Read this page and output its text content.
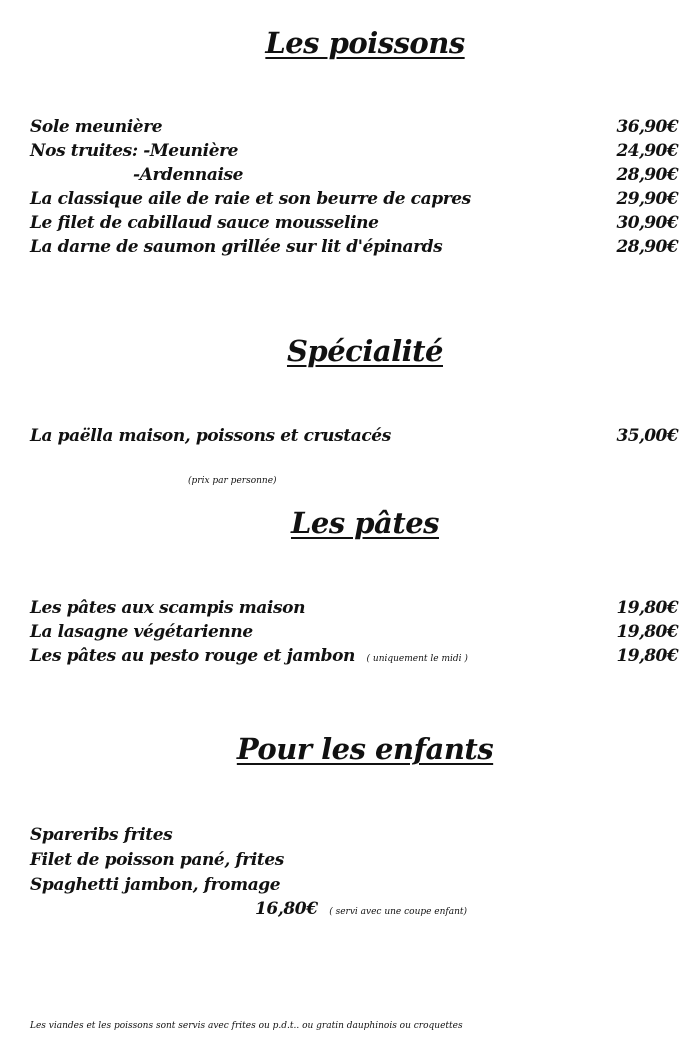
Les poissons
Sole meunière	36,90€
Nos truites: -Meunière	24,90€
-Ardennaise	28,90€
La classique aile de raie et son beurre de capres	29,90€
Le filet de cabillaud sauce mousseline	30,90€
La darne de saumon grillée sur lit d'épinards	28,90€
Spécialité
La paëlla maison, poissons et crustacés	35,00€
(prix par personne)
Les pâtes
Les pâtes aux scampis maison	19,80€
La lasagne végétarienne	19,80€
Les pâtes au pesto rouge et jambon ( uniquement le midi )	19,80€
Pour les enfants
Spareribs frites
Filet de poisson pané, frites
Spaghetti jambon, fromage
16,80€ ( servi avec une coupe enfant)
Les viandes et les poissons sont servis avec frites ou p.d.t.. ou gratin dauphinois ou croquettes
